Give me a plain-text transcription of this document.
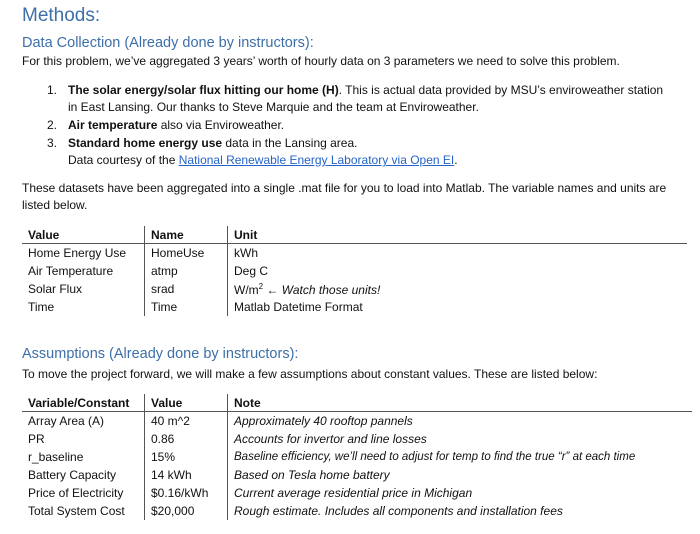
Methods:
Data Collection (Already done by instructors):
For this problem, we’ve aggregated 3 years’ worth of hourly data on 3 parameters we need to solve this problem.
1. The solar energy/solar flux hitting our home (H). This is actual data provided by MSU’s enviroweather station
in East Lansing. Our thanks to Steve Marquie and the team at Enviroweather.
2. Air temperature also via Enviroweather.
3. Standard home energy use data in the Lansing area.
Data courtesy of the National Renewable Energy Laboratory via Open EI.
These datasets have been aggregated into a single .mat file for you to load into Matlab. The variable names and units are listed below.
Value	Name	Unit
Home Energy Use	HomeUse	kWh
Air Temperature	atmp	Deg C
Solar Flux	srad	$W/m^2$ ← Watch those units!
Time	Time	Matlab Datetime Format
Assumptions (Already done by instructors):
To move the project forward, we will make a few assumptions about constant values. These are listed below:
Variable/Constant	Value	Note
Array Area (A)	40 m^2	Approximately 40 rooftop pannels
PR	0.86	Accounts for invertor and line losses
r_baseline	15%	Baseline efficiency, we’ll need to adjust for temp to find the true “r” at each time
Battery Capacity	14 kWh	Based on Tesla home battery
Price of Electricity	$0.16/kWh	Current average residential price in Michigan
Total System Cost	$20,000	Rough estimate. Includes all components and installation fees
